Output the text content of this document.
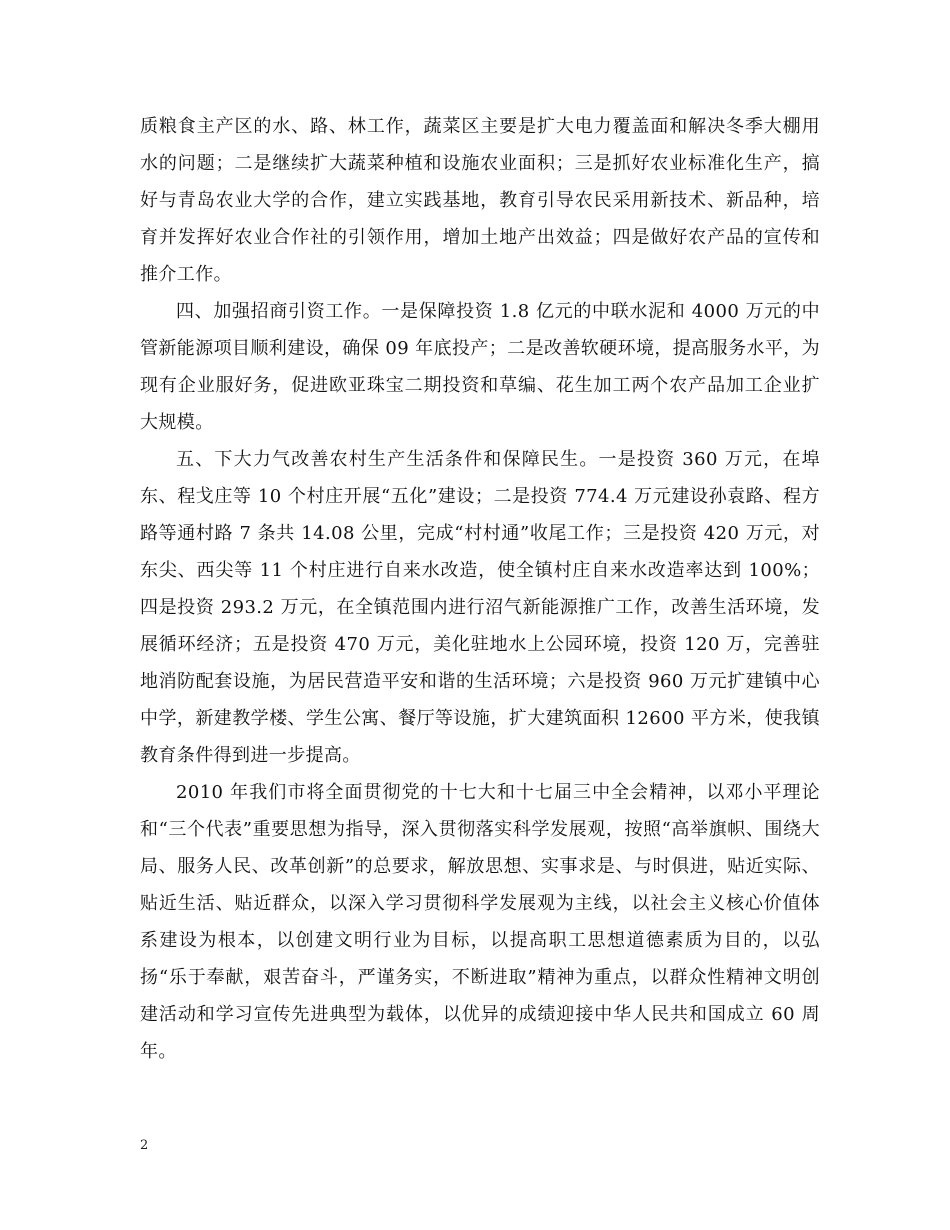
质粮食主产区的水、路、林工作，蔬菜区主要是扩大电力覆盖面和解决冬季大棚用水的问题；二是继续扩大蔬菜种植和设施农业面积；三是抓好农业标准化生产，搞好与青岛农业大学的合作，建立实践基地，教育引导农民采用新技术、新品种，培育并发挥好农业合作社的引领作用，增加土地产出效益；四是做好农产品的宣传和推介工作。

四、加强招商引资工作。一是保障投资 1.8 亿元的中联水泥和 4000 万元的中管新能源项目顺利建设，确保 09 年底投产；二是改善软硬环境，提高服务水平，为现有企业服好务，促进欧亚珠宝二期投资和草编、花生加工两个农产品加工企业扩大规模。

五、下大力气改善农村生产生活条件和保障民生。一是投资 360 万元，在埠东、程戈庄等 10 个村庄开展“五化”建设；二是投资 774.4 万元建设孙袁路、程方路等通村路 7 条共 14.08 公里，完成“村村通”收尾工作；三是投资 420 万元，对东尖、西尖等 11 个村庄进行自来水改造，使全镇村庄自来水改造率达到 100%；四是投资 293.2 万元，在全镇范围内进行沼气新能源推广工作，改善生活环境，发展循环经济；五是投资 470 万元，美化驻地水上公园环境，投资 120 万，完善驻地消防配套设施，为居民营造平安和谐的生活环境；六是投资 960 万元扩建镇中心中学，新建教学楼、学生公寓、餐厅等设施，扩大建筑面积 12600 平方米，使我镇教育条件得到进一步提高。

2010 年我们市将全面贯彻党的十七大和十七届三中全会精神，以邓小平理论和“三个代表”重要思想为指导，深入贯彻落实科学发展观，按照“高举旗帜、围绕大局、服务人民、改革创新”的总要求，解放思想、实事求是、与时俱进，贴近实际、贴近生活、贴近群众，以深入学习贯彻科学发展观为主线，以社会主义核心价值体系建设为根本，以创建文明行业为目标，以提高职工思想道德素质为目的，以弘扬“乐于奉献，艰苦奋斗，严谨务实，不断进取”精神为重点，以群众性精神文明创建活动和学习宣传先进典型为载体，以优异的成绩迎接中华人民共和国成立 60 周年。

2
